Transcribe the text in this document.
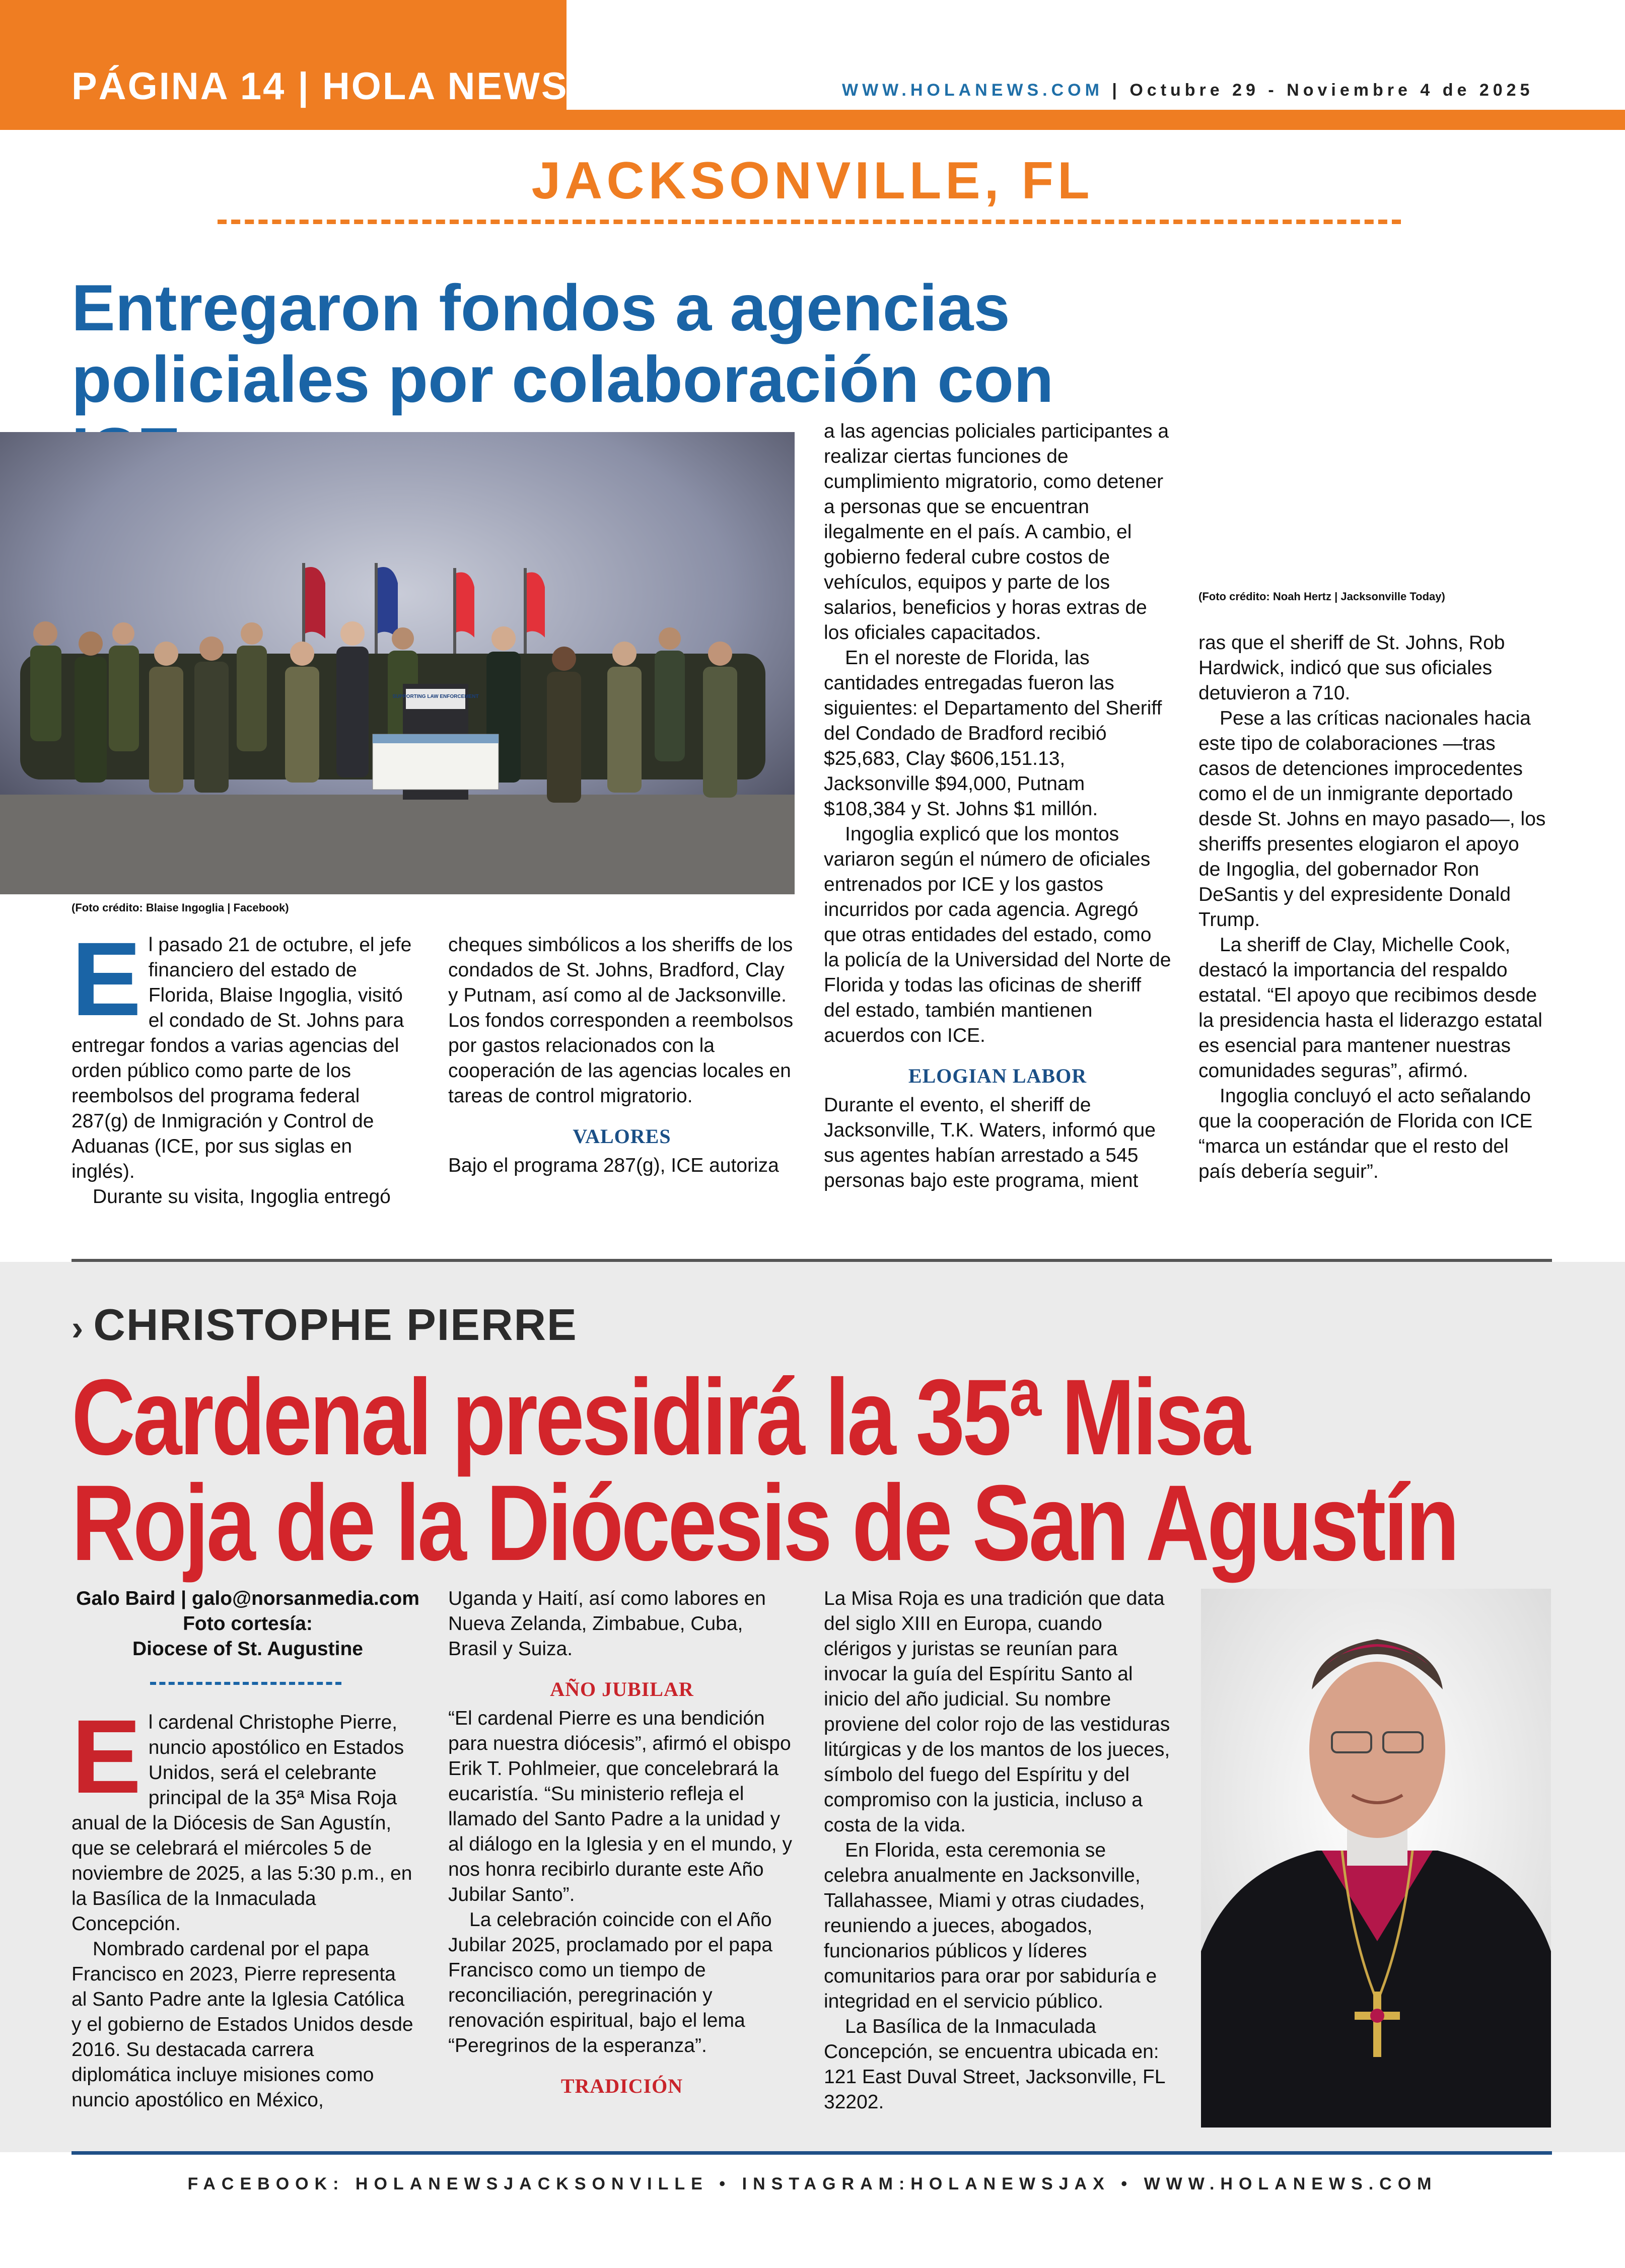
PÁGINA 14 | HOLA NEWS	WWW.HOLANEWS.COM | Octubre 29 - Noviembre 4 de 2025
JACKSONVILLE, FL
Entregaron fondos a agencias
policiales por colaboración con
SUPPORTING LAW ENFORCEMENT
(Foto crédito: Blaise Ingoglia | Facebook)
(Foto crédito: Noah Hertz | Jacksonville Today)

El pasado 21 de octubre, el jefe financiero del estado de Florida, Blaise Ingoglia, visitó el condado de St. Johns para entregar fondos a varias agencias del orden público como parte de los reembolsos del programa federal 287(g) de Inmigración y Control de Aduanas (ICE, por sus siglas en inglés).

Durante su visita, Ingoglia entregó

cheques simbólicos a los sheriffs de los condados de St. Johns, Bradford, Clay y Putnam, así como al de Jacksonville. Los fondos corresponden a reembolsos por gastos relacionados con la cooperación de las agencias locales en tareas de control migratorio.

VALORES

Bajo el programa 287(g), ICE autoriza

a las agencias policiales participantes a realizar ciertas funciones de cumplimiento migratorio, como detener a personas que se encuentran ilegalmente en el país. A cambio, el gobierno federal cubre costos de vehículos, equipos y parte de los salarios, beneficios y horas extras de los oficiales capacitados.

En el noreste de Florida, las cantidades entregadas fueron las siguientes: el Departamento del Sheriff del Condado de Bradford recibió $25,683, Clay $606,151.13, Jacksonville $94,000, Putnam $108,384 y St. Johns $1 millón.

Ingoglia explicó que los montos variaron según el número de oficiales entrenados por ICE y los gastos incurridos por cada agencia. Agregó que otras entidades del estado, como la policía de la Universidad del Norte de Florida y todas las oficinas de sheriff del estado, también mantienen acuerdos con ICE.

ELOGIAN LABOR

Durante el evento, el sheriff de Jacksonville, T.K. Waters, informó que sus agentes habían arrestado a 545 personas bajo este programa, mient

ras que el sheriff de St. Johns, Rob Hardwick, indicó que sus oficiales detuvieron a 710.

Pese a las críticas nacionales hacia este tipo de colaboraciones —tras casos de detenciones improcedentes como el de un inmigrante deportado desde St. Johns en mayo pasado—, los sheriffs presentes elogiaron el apoyo de Ingoglia, del gobernador Ron DeSantis y del expresidente Donald Trump.

La sheriff de Clay, Michelle Cook, destacó la importancia del respaldo estatal. “El apoyo que recibimos desde la presidencia hasta el liderazgo estatal es esencial para mantener nuestras comunidades seguras”, afirmó.

Ingoglia concluyó el acto señalando que la cooperación de Florida con ICE “marca un estándar que el resto del país debería seguir”.

› CHRISTOPHE PIERRE
Cardenal presidirá la 35ª Misa
Roja de la Diócesis de San Agustín
Galo Baird | galo@norsanmedia.com
Foto cortesía:
Diocese of St. Augustine

El cardenal Christophe Pierre, nuncio apostólico en Estados Unidos, será el celebrante principal de la 35ª Misa Roja anual de la Diócesis de San Agustín, que se celebrará el miércoles 5 de noviembre de 2025, a las 5:30 p.m., en la Basílica de la Inmaculada Concepción.

Nombrado cardenal por el papa Francisco en 2023, Pierre representa al Santo Padre ante la Iglesia Católica y el gobierno de Estados Unidos desde 2016. Su destacada carrera diplomática incluye misiones como nuncio apostólico en México,

Uganda y Haití, así como labores en Nueva Zelanda, Zimbabue, Cuba, Brasil y Suiza.

AÑO JUBILAR

“El cardenal Pierre es una bendición para nuestra diócesis”, afirmó el obispo Erik T. Pohlmeier, que concelebrará la eucaristía. “Su ministerio refleja el llamado del Santo Padre a la unidad y al diálogo en la Iglesia y en el mundo, y nos honra recibirlo durante este Año Jubilar Santo”.

La celebración coincide con el Año Jubilar 2025, proclamado por el papa Francisco como un tiempo de reconciliación, peregrinación y renovación espiritual, bajo el lema “Peregrinos de la esperanza”.

TRADICIÓN

La Misa Roja es una tradición que data del siglo XIII en Europa, cuando clérigos y juristas se reunían para invocar la guía del Espíritu Santo al inicio del año judicial. Su nombre proviene del color rojo de las vestiduras litúrgicas y de los mantos de los jueces, símbolo del fuego del Espíritu y del compromiso con la justicia, incluso a costa de la vida.

En Florida, esta ceremonia se celebra anualmente en Jacksonville, Tallahassee, Miami y otras ciudades, reuniendo a jueces, abogados, funcionarios públicos y líderes comunitarios para orar por sabiduría e integridad en el servicio público.

La Basílica de la Inmaculada Concepción, se encuentra ubicada en: 121 East Duval Street, Jacksonville, FL 32202.

FACEBOOK: HOLANEWSJACKSONVILLE • INSTAGRAM:HOLANEWSJAX • WWW.HOLANEWS.COM
